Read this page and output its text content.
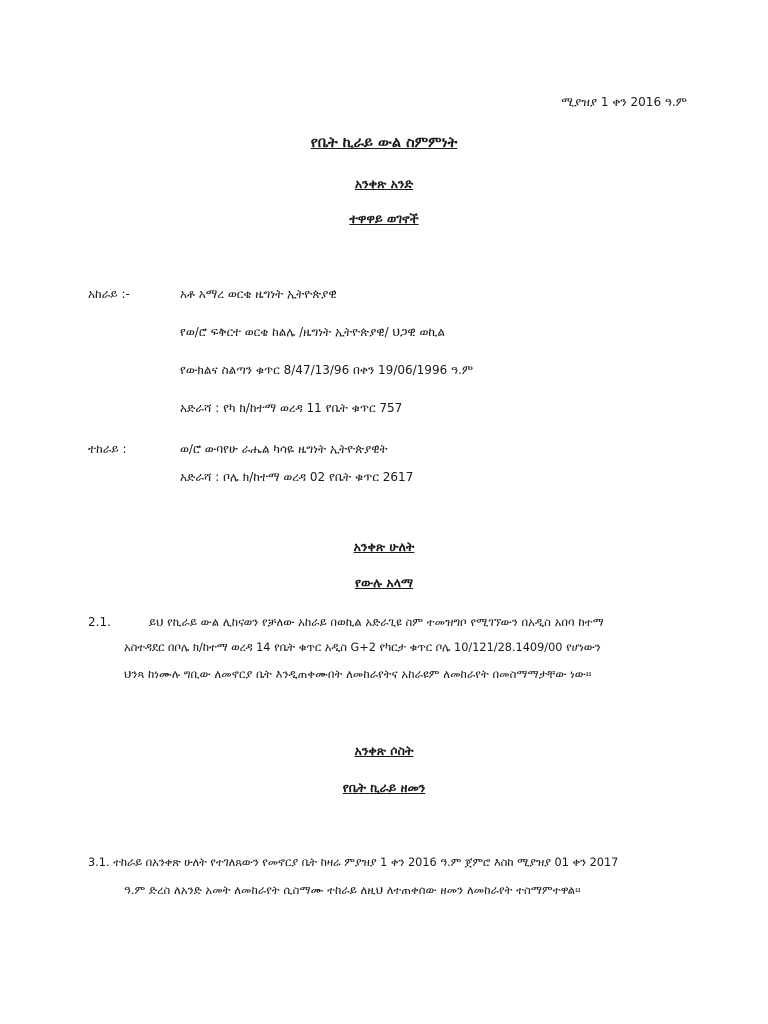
ሚያዝያ 1 ቀን 2016 ዓ.ም
የቤት ኪራይ ውል ስምምነት
አንቀጽ አንድ
ተዋዋይ ወገኖች
አከራይ :-	አቶ አማረ ወርቄ ዜግነት ኢትዮጵያዊ
የወ/ሮ ፍቅርተ ወርቄ ከልሌ /ዜግነት ኢትዮጵያዊ/ ህጋዊ ወኪል
የውክልና ስልጣን ቁጥር 8/47/13/96 በቀን 19/06/1996 ዓ.ም
አድራሻ : የካ ክ/ከተማ ወረዳ 11 የቤት ቁጥር 757
ተከራይ :	ወ/ሮ ውባየሁ ራሔል ካሳዬ ዜግነት ኢትዮጵያዊት
አድራሻ : ቦሌ ክ/ከተማ ወረዳ 02 የቤት ቁጥር 2617
አንቀጽ ሁለት
የውሉ አላማ
2.1.	ይህ የኪራይ ውል ሊከናወን የቻለው አከራይ በወኪል አድራጊዩ ስም ተመዝግቦ የሚገኘውን በአዲስ አበባ ከተማ
አስተዳደር በቦሌ ክ/ከተማ ወረዳ 14 የቤት ቁጥር አዲስ G+2 የካርታ ቁጥር ቦሌ 10/121/28.1409/00 የሆነውን
ህንጻ ከነሙሉ ግቢው ለመኖርያ ቤት እንዲጠቀሙበት ለመከራየትና አከራዩም ለመከራየት በመስማማታቸው ነው፡፡
አንቀጽ ሶስት
የቤት ኪራይ ዘመን
3.1. ተከራይ በአንቀጽ ሁለት የተገለጸውን የመኖርያ ቤት ከዛሬ ምያዝያ 1 ቀን 2016 ዓ.ም ጀምሮ እስከ ሚያዝያ 01 ቀን 2017
ዓ.ም ድረስ ለአንድ አመት ለመከራየት ሲስማሙ ተከራይ ለዚህ ለተጠቀሰው ዘመን ለመከራየት ተስማምተዋል፡፡
